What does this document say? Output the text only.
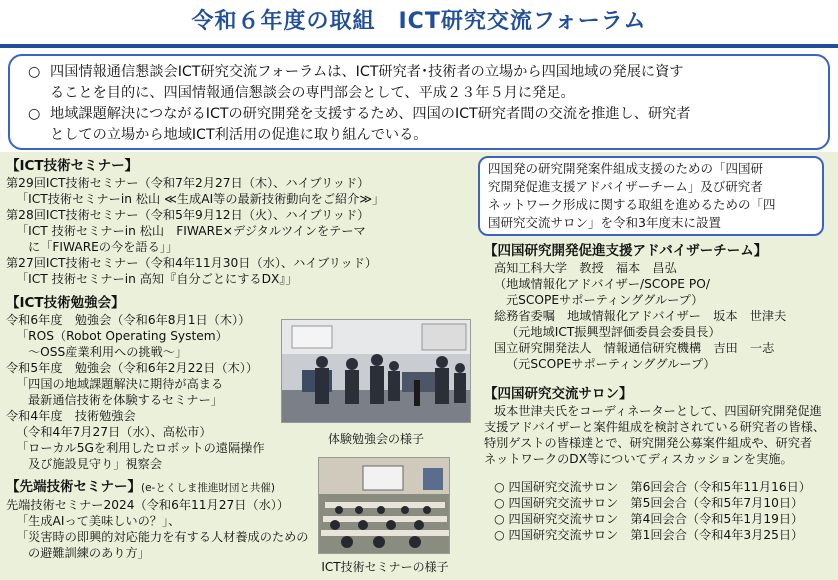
令和６年度の取組　ICT研究交流フォーラム
○ 四国情報通信懇談会ICT研究交流フォーラムは、ICT研究者･技術者の立場から四国地域の発展に資す
ることを目的に、四国情報通信懇談会の専門部会として、平成２３年５月に発足。
○ 地域課題解決につながるICTの研究開発を支援するため、四国のICT研究者間の交流を推進し、研究者
としての立場から地域ICT利活用の促進に取り組んでいる。
【ICT技術セミナー】
第29回ICT技術セミナー（令和7年2月27日（木）、ハイブリッド）
「ICT技術セミナーin 松山 ≪生成AI等の最新技術動向をご紹介≫」
第28回ICT技術セミナー（令和5年9月12日（火）、ハイブリッド）
「ICT 技術セミナーin 松山　FIWARE×デジタルツインをテーマ
に「FIWAREの今を語る」」
第27回ICT技術セミナー（令和4年11月30日（水）、ハイブリッド）
「ICT 技術セミナーin 高知『自分ごとにするDX』」
【ICT技術勉強会】
令和6年度　勉強会（令和6年8月1日（木））
「ROS（Robot Operating System）
～OSS産業利用への挑戦～」
令和5年度　勉強会（令和6年2月22日（木））
「四国の地域課題解決に期待が高まる
最新通信技術を体験するセミナー」
令和4年度　技術勉強会
（令和4年7月27日（水）、高松市）
「ローカル5Gを利用したロボットの遠隔操作
及び施設見守り」視察会
【先端技術セミナー】(e-とくしま推進財団と共催)
先端技術セミナー2024（令和6年11月27日（水））
「生成AIって美味しいの？」、
「災害時の即興的対応能力を有する人材養成のための
の避難訓練のあり方」
体験勉強会の様子
ICT技術セミナーの様子
四国発の研究開発案件組成支援のための「四国研
究開発促進支援アドバイザーチーム」及び研究者
ネットワーク形成に関する取組を進めるための「四
国研究交流サロン」を令和3年度末に設置
【四国研究開発促進支援アドバイザーチーム】
高知工科大学　教授　福本　昌弘
（地域情報化アドバイザー/SCOPE PO/
元SCOPEサポーティンググループ）
総務省委嘱　地域情報化アドバイザー　坂本　世津夫
（元地域ICT振興型評価委員会委員長）
国立研究開発法人　情報通信研究機構　吉田　一志
（元SCOPEサポーティンググループ）
【四国研究交流サロン】
坂本世津夫氏をコーディネーターとして、四国研究開発促進
支援アドバイザーと案件組成を検討されている研究者の皆様、
特別ゲストの皆様達とで、研究開発公募案件組成や、研究者
ネットワークのDX等についてディスカッションを実施。
○ 四国研究交流サロン　第6回会合（令和5年11月16日）
○ 四国研究交流サロン　第5回会合（令和5年7月10日）
○ 四国研究交流サロン　第4回会合（令和5年1月19日）
○ 四国研究交流サロン　第1回会合（令和4年3月25日）
